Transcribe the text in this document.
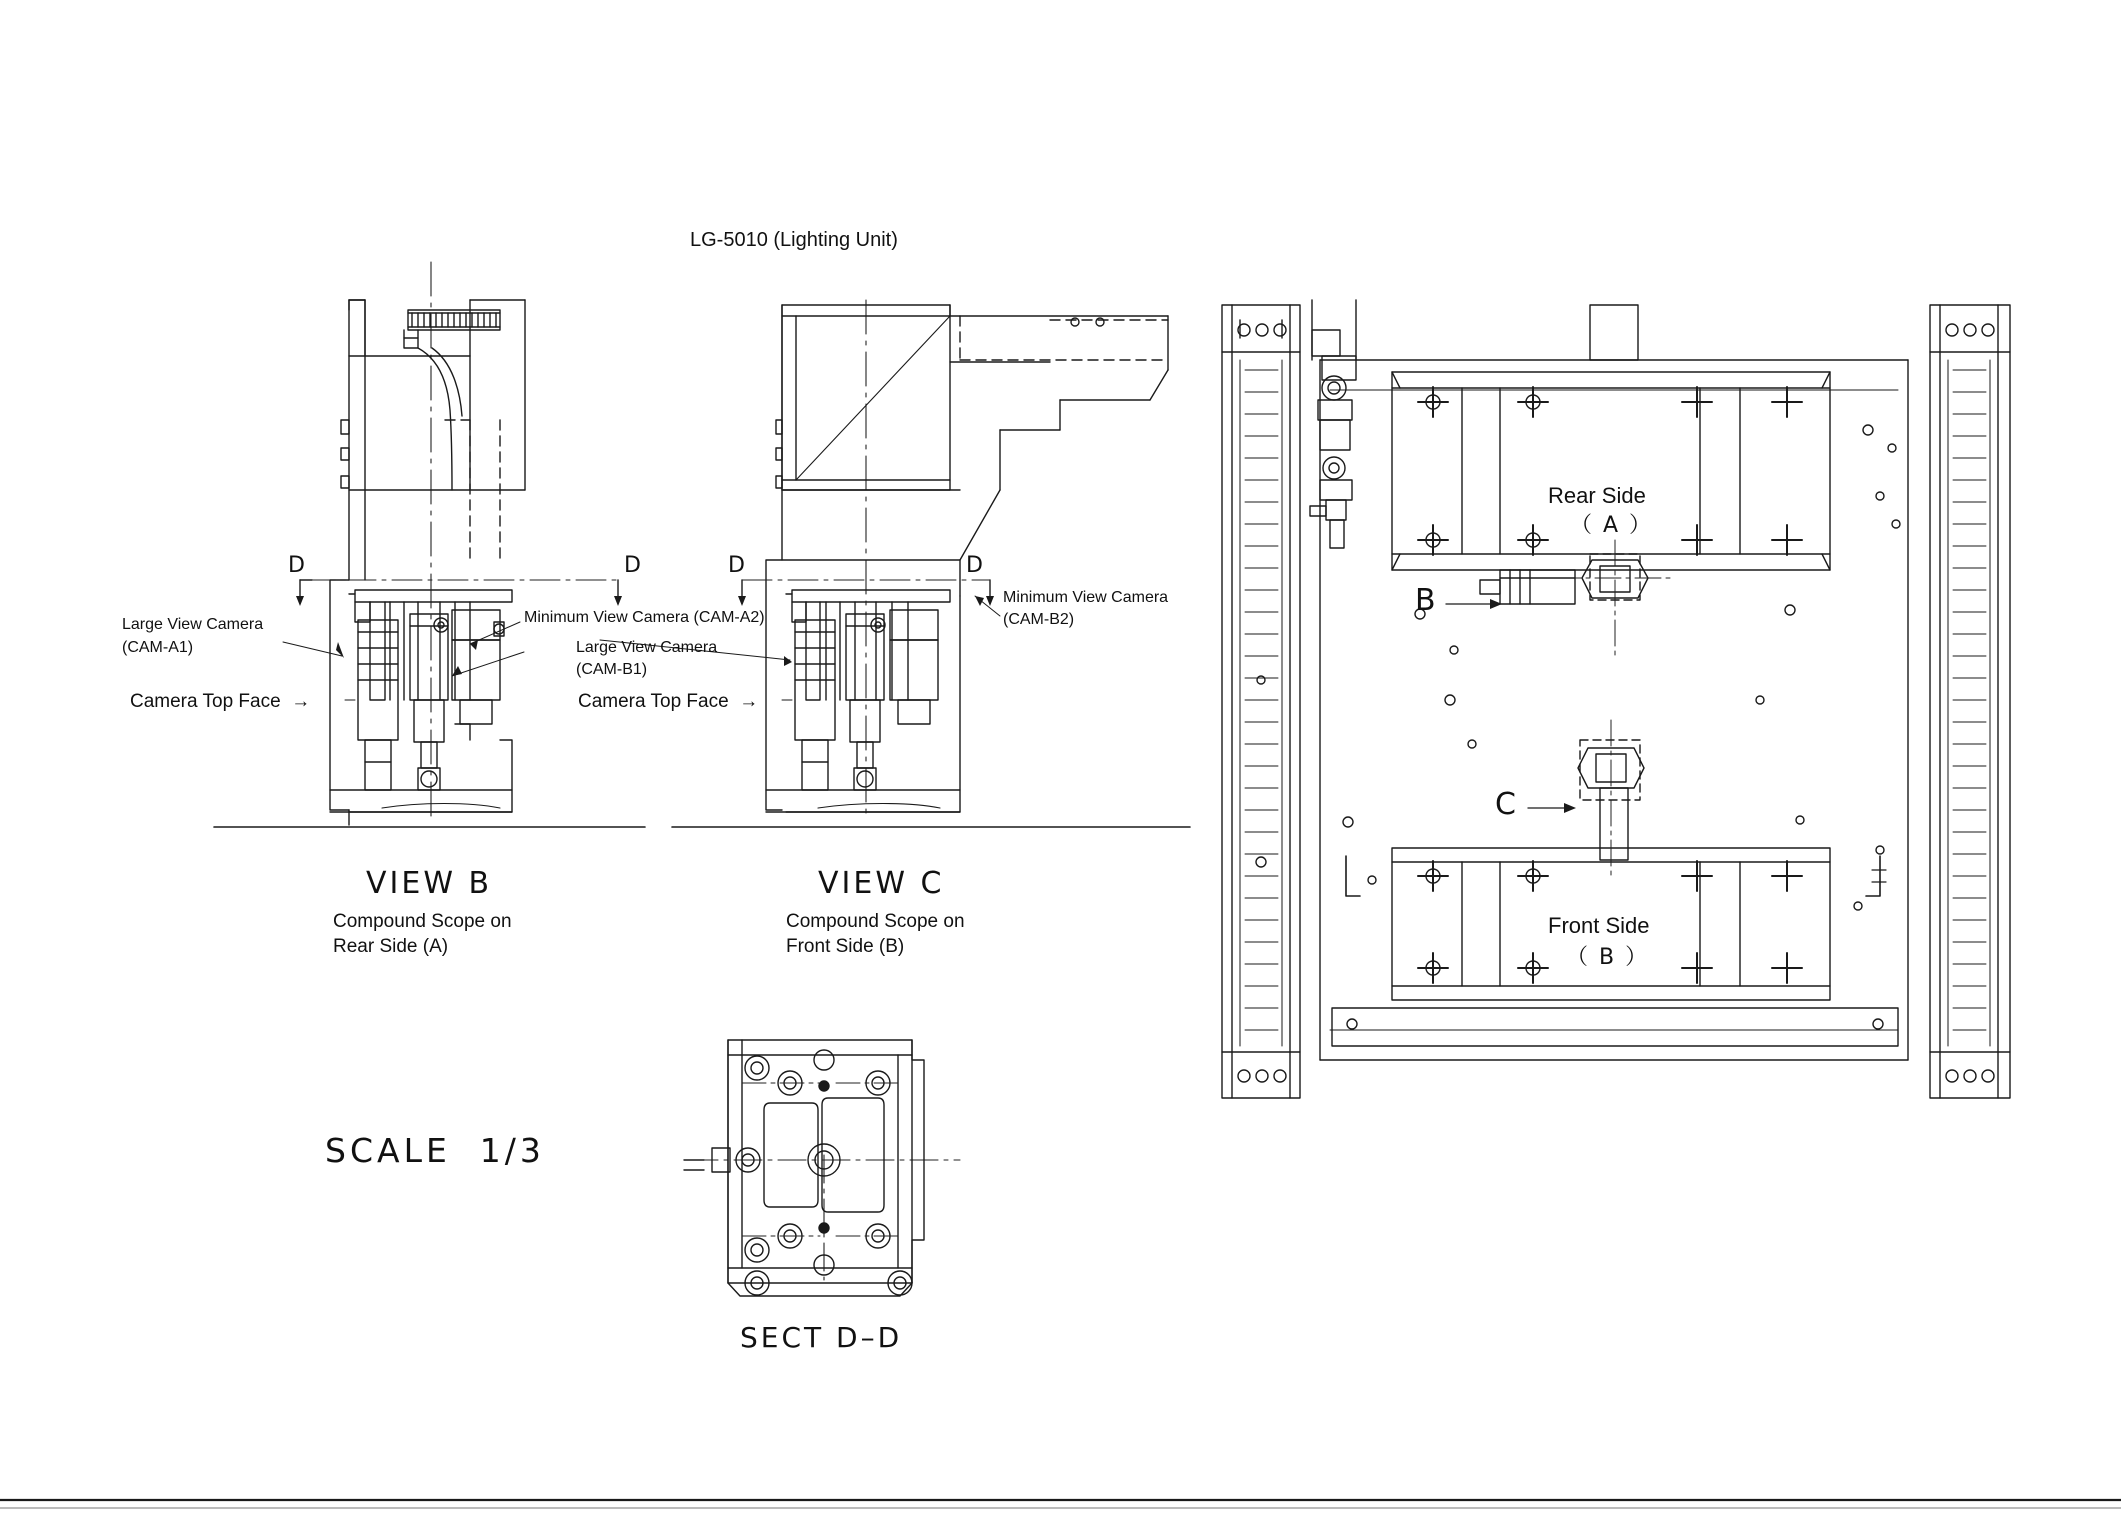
LG-5010 (Lighting Unit)
D	D
Large View Camera
(CAM-A1)
Camera Top Face  →
Minimum View Camera (CAM-A2)
Large View Camera
(CAM-B1)
VIEW B
Compound Scope on
Rear Side (A)
D	D
Camera Top Face  →
Minimum View Camera
(CAM-B2)
VIEW C
Compound Scope on
Front Side (B)
SCALE  1/3
SECT D–D
Rear Side
（ A ）
Front Side
（ B ）
B
C
